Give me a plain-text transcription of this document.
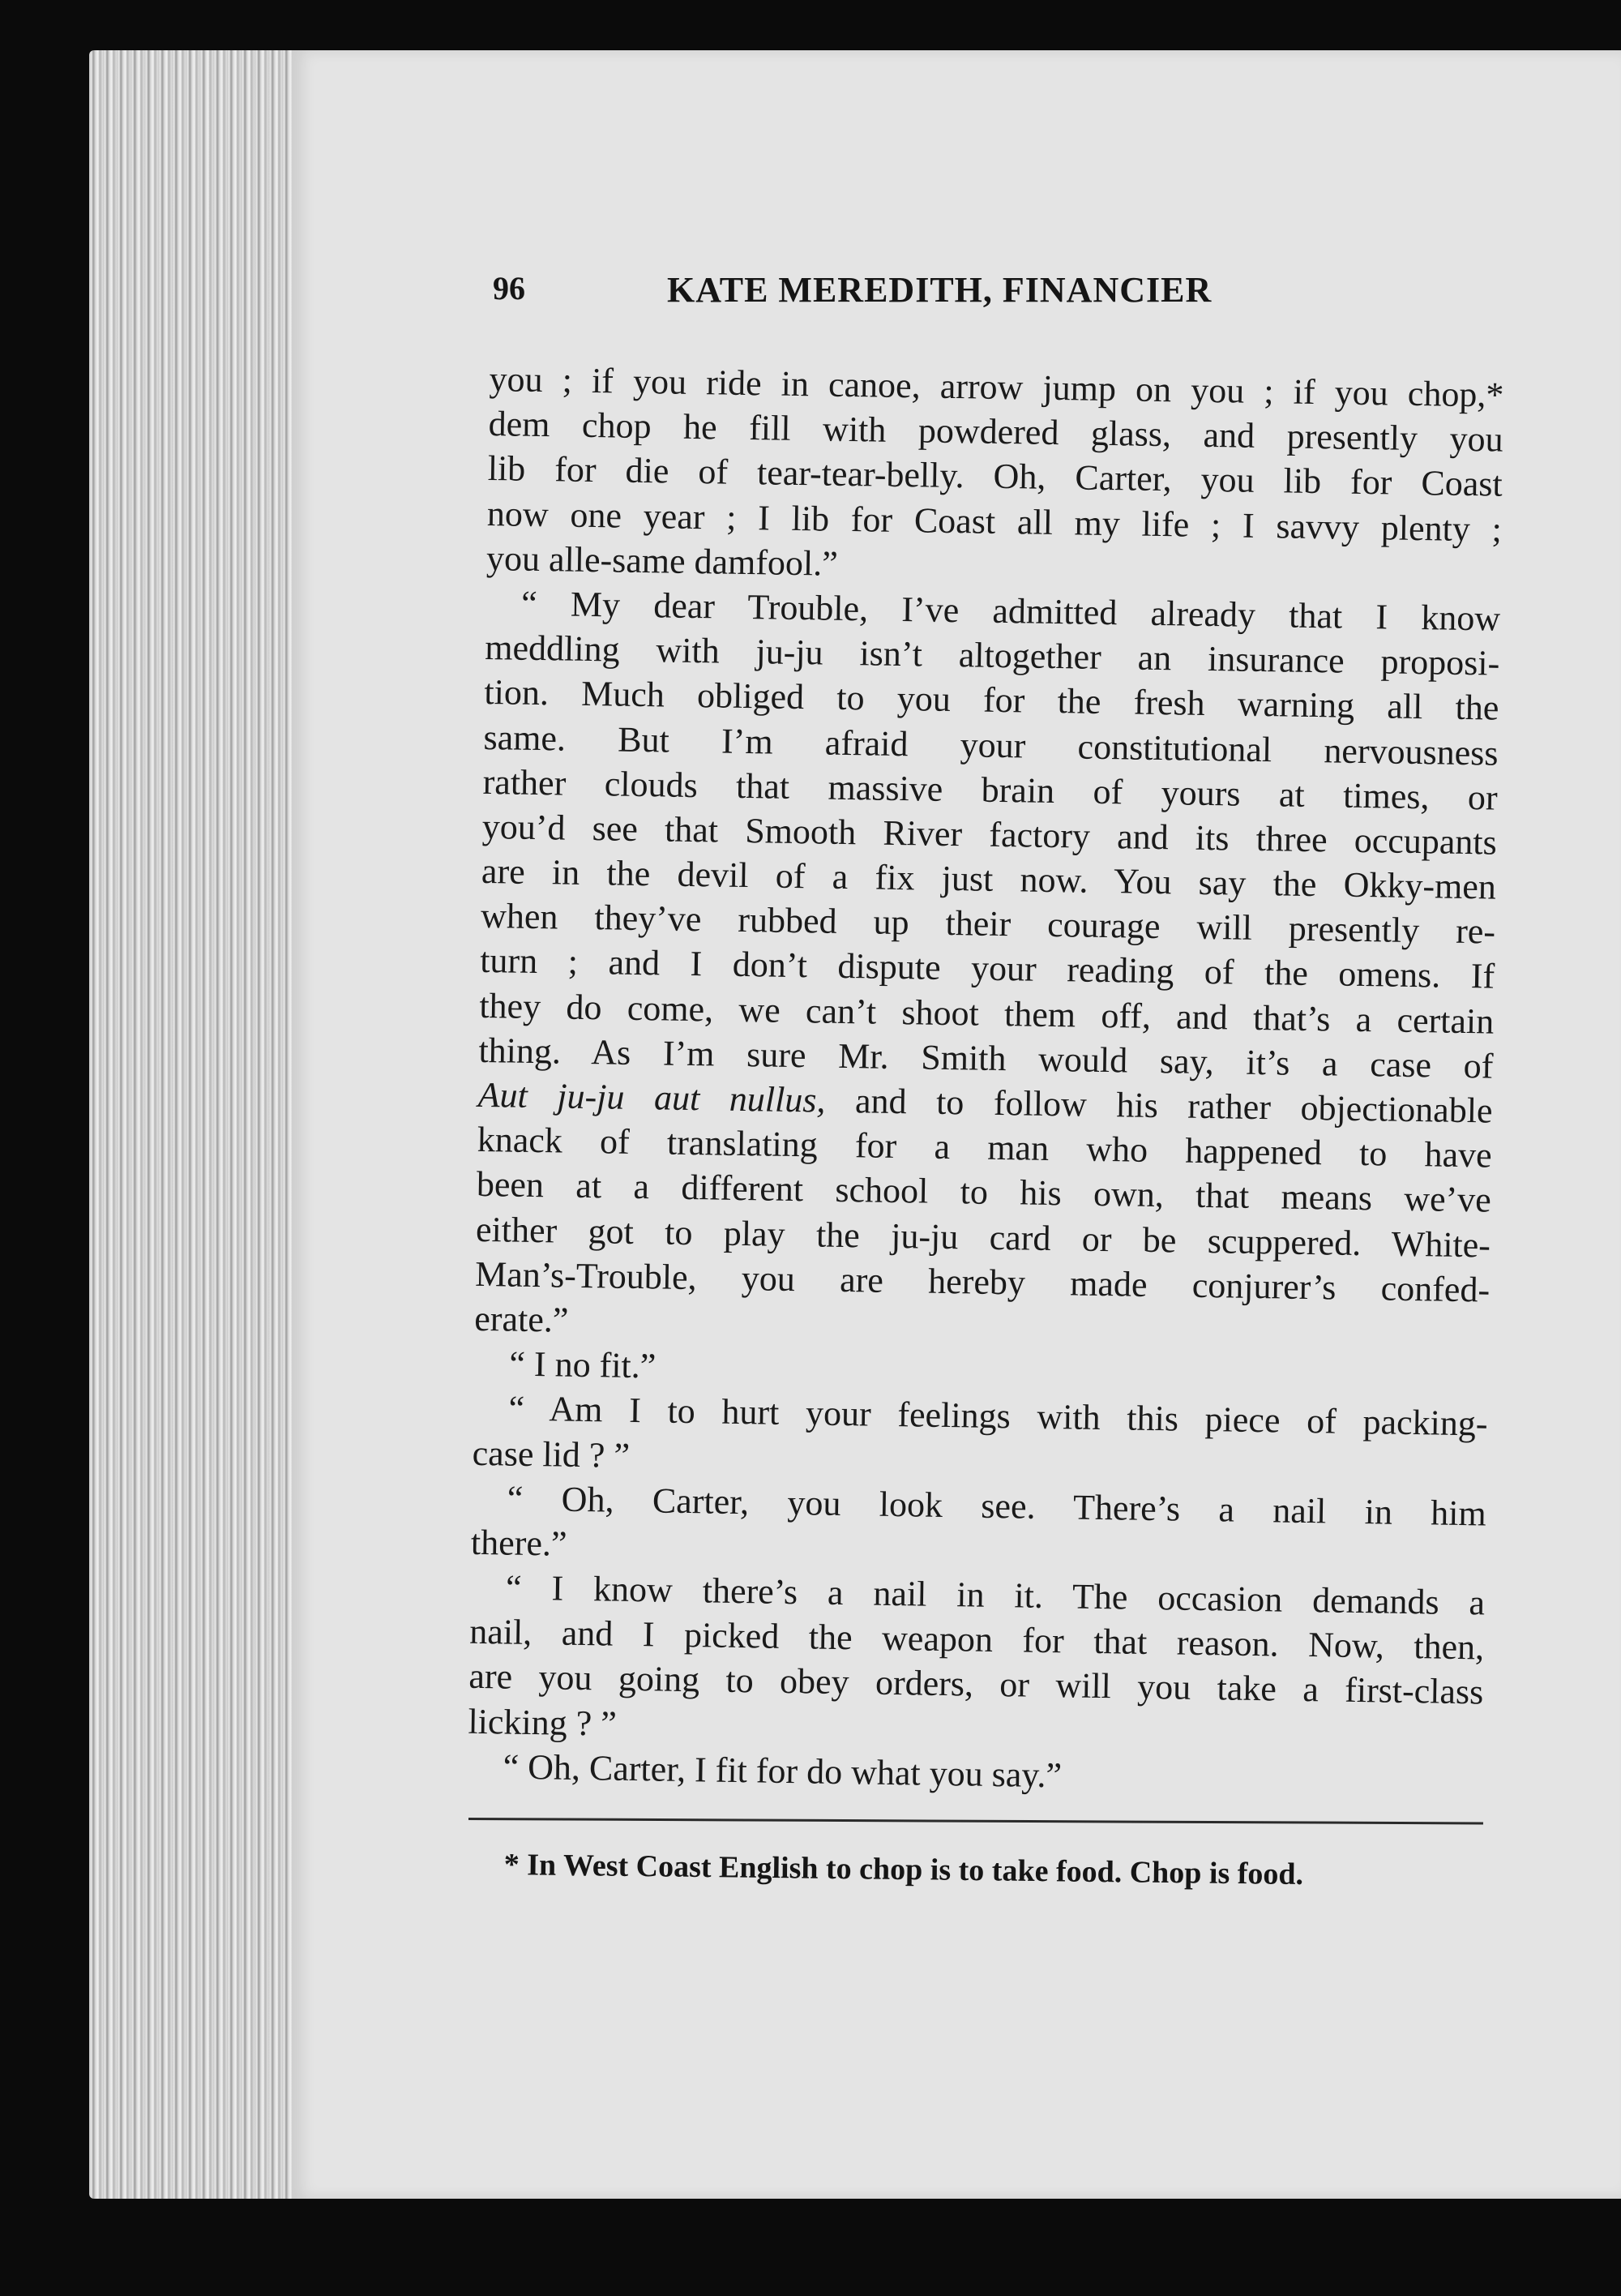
96	KATE MEREDITH, FINANCIER
you ; if you ride in canoe, arrow jump on you ; if you chop,*
dem chop he fill with powdered glass, and presently you
lib for die of tear-tear-belly. Oh, Carter, you lib for Coast
now one year ; I lib for Coast all my life ; I savvy plenty ;
you alle-same damfool.”
“ My dear Trouble, I’ve admitted already that I know
meddling with ju-ju isn’t altogether an insurance proposi-
tion. Much obliged to you for the fresh warning all the
same. But I’m afraid your constitutional nervousness
rather clouds that massive brain of yours at times, or
you’d see that Smooth River factory and its three occupants
are in the devil of a fix just now. You say the Okky-men
when they’ve rubbed up their courage will presently re-
turn ; and I don’t dispute your reading of the omens. If
they do come, we can’t shoot them off, and that’s a certain
thing. As I’m sure Mr. Smith would say, it’s a case of
Aut ju-ju aut nullus, and to follow his rather objectionable
knack of translating for a man who happened to have
been at a different school to his own, that means we’ve
either got to play the ju-ju card or be scuppered. White-
Man’s-Trouble, you are hereby made conjurer’s confed-
erate.”
“ I no fit.”
“ Am I to hurt your feelings with this piece of packing-
case lid ? ”
“ Oh, Carter, you look see. There’s a nail in him
there.”
“ I know there’s a nail in it. The occasion demands a
nail, and I picked the weapon for that reason. Now, then,
are you going to obey orders, or will you take a first-class
licking ? ”
“ Oh, Carter, I fit for do what you say.”
* In West Coast English to chop is to take food. Chop is food.
